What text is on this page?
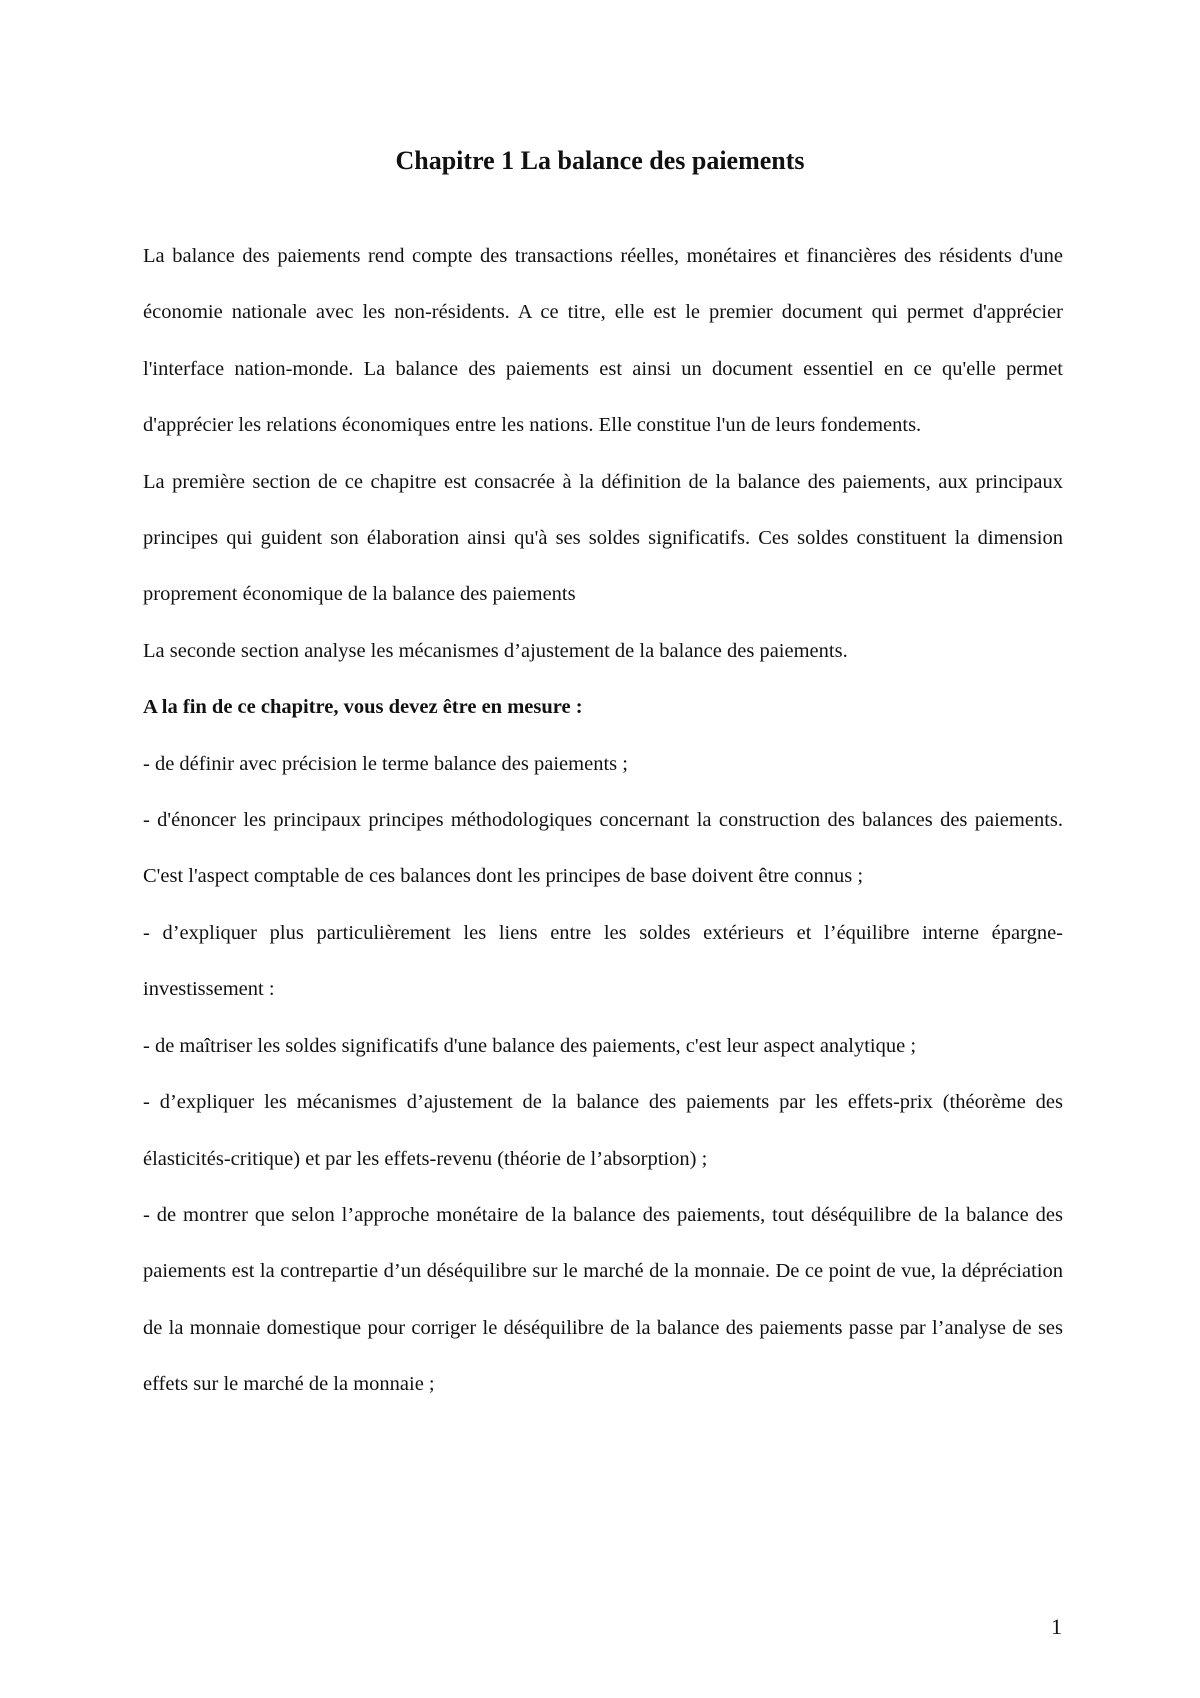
Chapitre 1 La balance des paiements

La balance des paiements rend compte des transactions réelles, monétaires et financières des résidents d'une économie nationale avec les non-résidents. A ce titre, elle est le premier document qui permet d'apprécier l'interface nation-monde. La balance des paiements est ainsi un document essentiel en ce qu'elle permet d'apprécier les relations économiques entre les nations. Elle constitue l'un de leurs fondements.

La première section de ce chapitre est consacrée à la définition de la balance des paiements, aux principaux principes qui guident son élaboration ainsi qu'à ses soldes significatifs. Ces soldes constituent la dimension proprement économique de la balance des paiements

La seconde section analyse les mécanismes d’ajustement de la balance des paiements.

A la fin de ce chapitre, vous devez être en mesure :

- de définir avec précision le terme balance des paiements ;

- d'énoncer les principaux principes méthodologiques concernant la construction des balances des paiements. C'est l'aspect comptable de ces balances dont les principes de base doivent être connus ;

- d’expliquer plus particulièrement les liens entre les soldes extérieurs et l’équilibre interne épargne-investissement :

- de maîtriser les soldes significatifs d'une balance des paiements, c'est leur aspect analytique ;

- d’expliquer les mécanismes d’ajustement de la balance des paiements par les effets-prix (théorème des élasticités-critique) et par les effets-revenu (théorie de l’absorption) ;

- de montrer que selon l’approche monétaire de la balance des paiements, tout déséquilibre de la balance des paiements est la contrepartie d’un déséquilibre sur le marché de la monnaie. De ce point de vue, la dépréciation de la monnaie domestique pour corriger le déséquilibre de la balance des paiements passe par l’analyse de ses effets sur le marché de la monnaie ;

1
